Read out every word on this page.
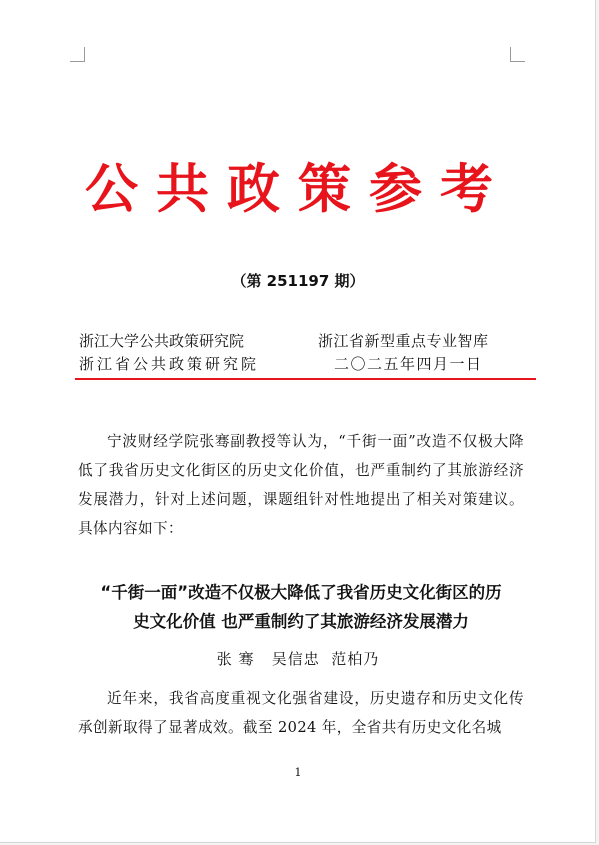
公共政策参考
（第 251197 期）
浙江大学公共政策研究院
浙江省公共政策研究院
浙江省新型重点专业智库
二〇二五年四月一日
宁波财经学院张骞副教授等认为，“千街一面”改造不仅极大降低了我省历史文化街区的历史文化价值，也严重制约了其旅游经济发展潜力，针对上述问题，课题组针对性地提出了相关对策建议。具体内容如下：
“千街一面”改造不仅极大降低了我省历史文化街区的历
史文化价值 也严重制约了其旅游经济发展潜力
张 骞   吴信忠  范柏乃
近年来，我省高度重视文化强省建设，历史遗存和历史文化传承创新取得了显著成效。截至 2024 年，全省共有历史文化名城
1
